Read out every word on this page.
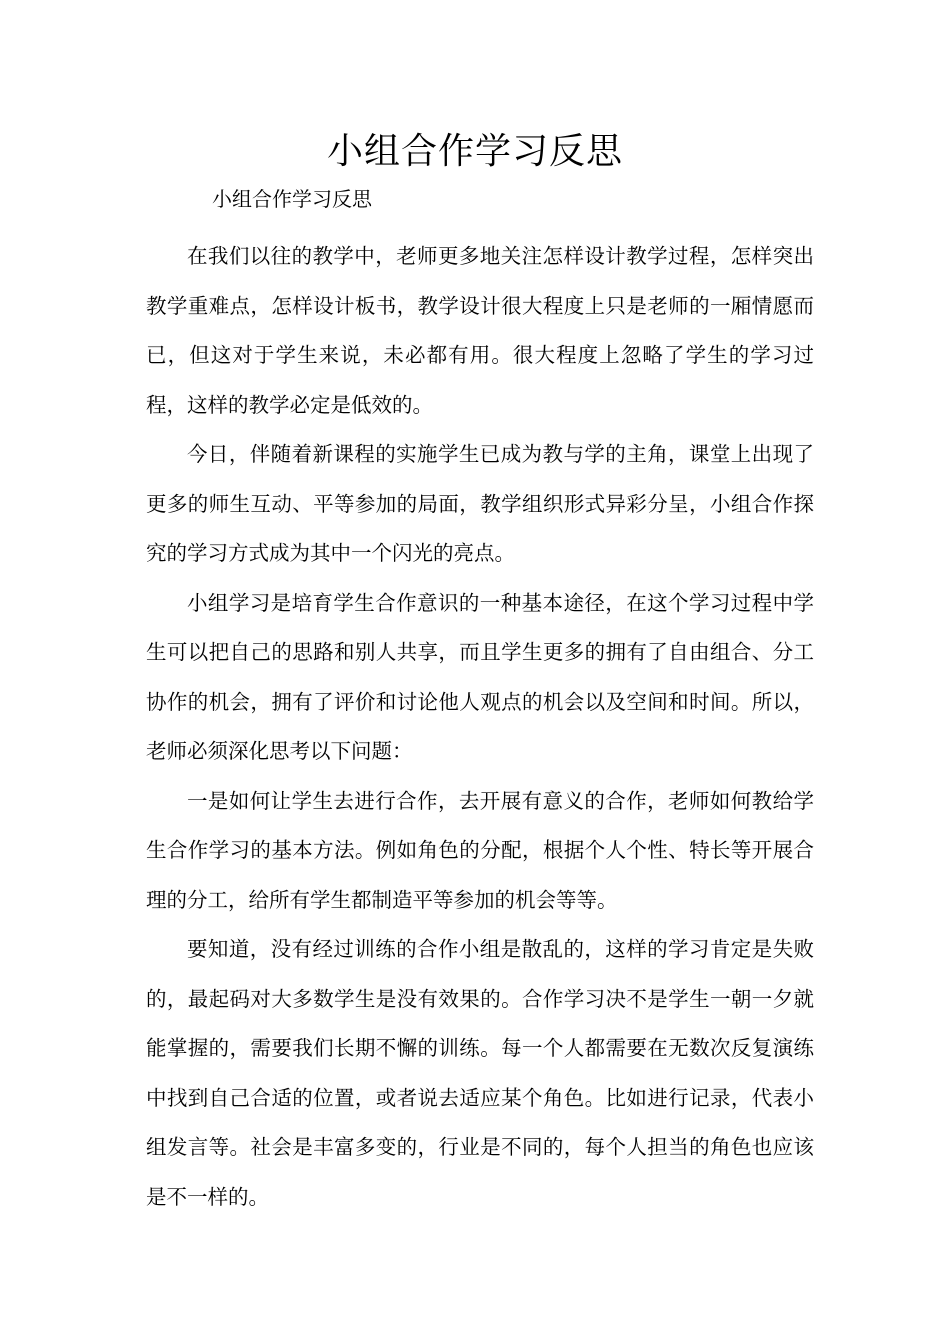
小组合作学习反思

小组合作学习反思

在我们以往的教学中，老师更多地关注怎样设计教学过程，怎样突出教学重难点，怎样设计板书，教学设计很大程度上只是老师的一厢情愿而已，但这对于学生来说，未必都有用。很大程度上忽略了学生的学习过程，这样的教学必定是低效的。

今日，伴随着新课程的实施学生已成为教与学的主角，课堂上出现了更多的师生互动、平等参加的局面，教学组织形式异彩分呈，小组合作探究的学习方式成为其中一个闪光的亮点。

小组学习是培育学生合作意识的一种基本途径，在这个学习过程中学生可以把自己的思路和别人共享，而且学生更多的拥有了自由组合、分工协作的机会，拥有了评价和讨论他人观点的机会以及空间和时间。所以，老师必须深化思考以下问题：

一是如何让学生去进行合作，去开展有意义的合作，老师如何教给学生合作学习的基本方法。例如角色的分配，根据个人个性、特长等开展合理的分工，给所有学生都制造平等参加的机会等等。

要知道，没有经过训练的合作小组是散乱的，这样的学习肯定是失败的，最起码对大多数学生是没有效果的。合作学习决不是学生一朝一夕就能掌握的，需要我们长期不懈的训练。每一个人都需要在无数次反复演练中找到自己合适的位置，或者说去适应某个角色。比如进行记录，代表小组发言等。社会是丰富多变的，行业是不同的，每个人担当的角色也应该是不一样的。
